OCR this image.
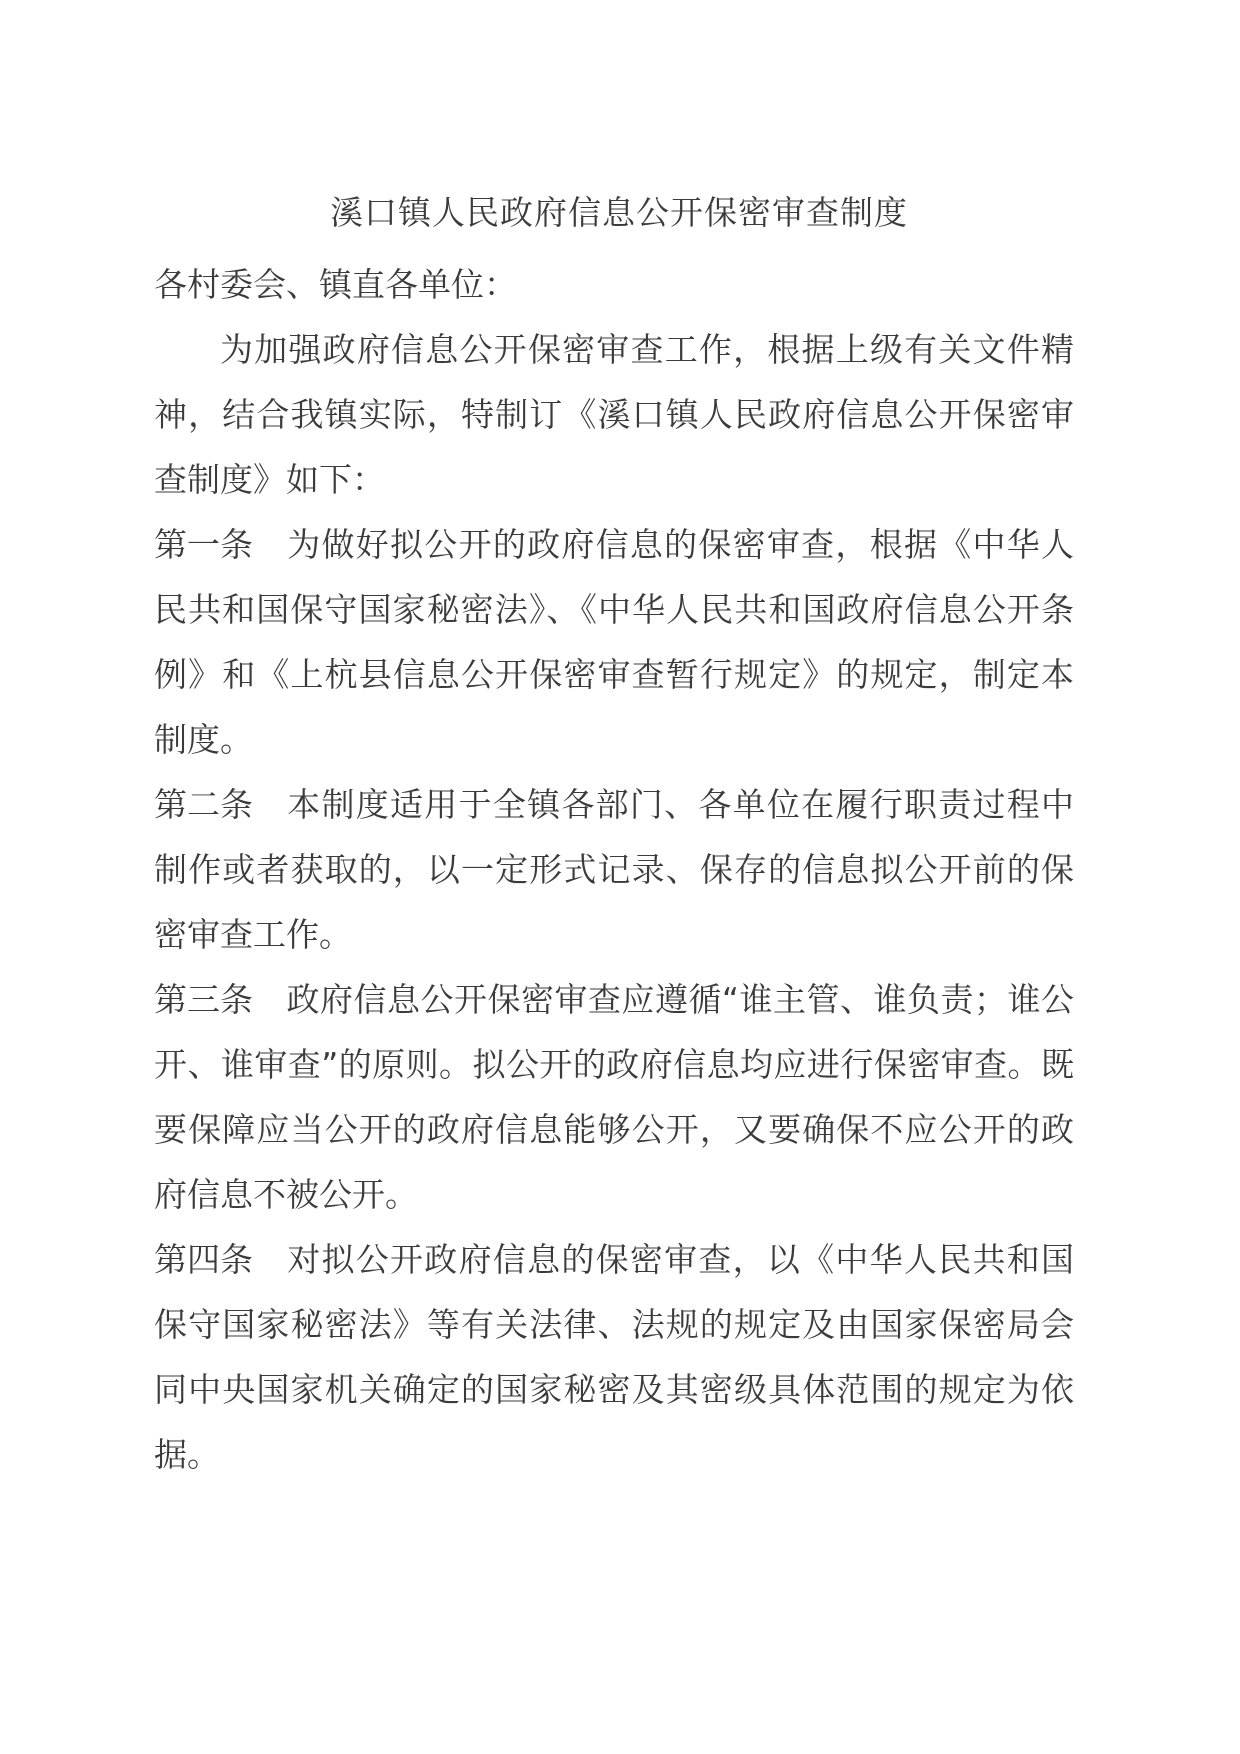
溪口镇人民政府信息公开保密审查制度

各村委会、镇直各单位：

为加强政府信息公开保密审查工作，根据上级有关文件精神，结合我镇实际，特制订《溪口镇人民政府信息公开保密审查制度》如下：

第一条 为做好拟公开的政府信息的保密审查，根据《中华人民共和国保守国家秘密法》、《中华人民共和国政府信息公开条例》和《上杭县信息公开保密审查暂行规定》的规定，制定本制度。

第二条 本制度适用于全镇各部门、各单位在履行职责过程中制作或者获取的，以一定形式记录、保存的信息拟公开前的保密审查工作。

第三条 政府信息公开保密审查应遵循“谁主管、谁负责；谁公开、谁审查”的原则。拟公开的政府信息均应进行保密审查。既要保障应当公开的政府信息能够公开，又要确保不应公开的政府信息不被公开。

第四条 对拟公开政府信息的保密审查，以《中华人民共和国保守国家秘密法》等有关法律、法规的规定及由国家保密局会同中央国家机关确定的国家秘密及其密级具体范围的规定为依据。
